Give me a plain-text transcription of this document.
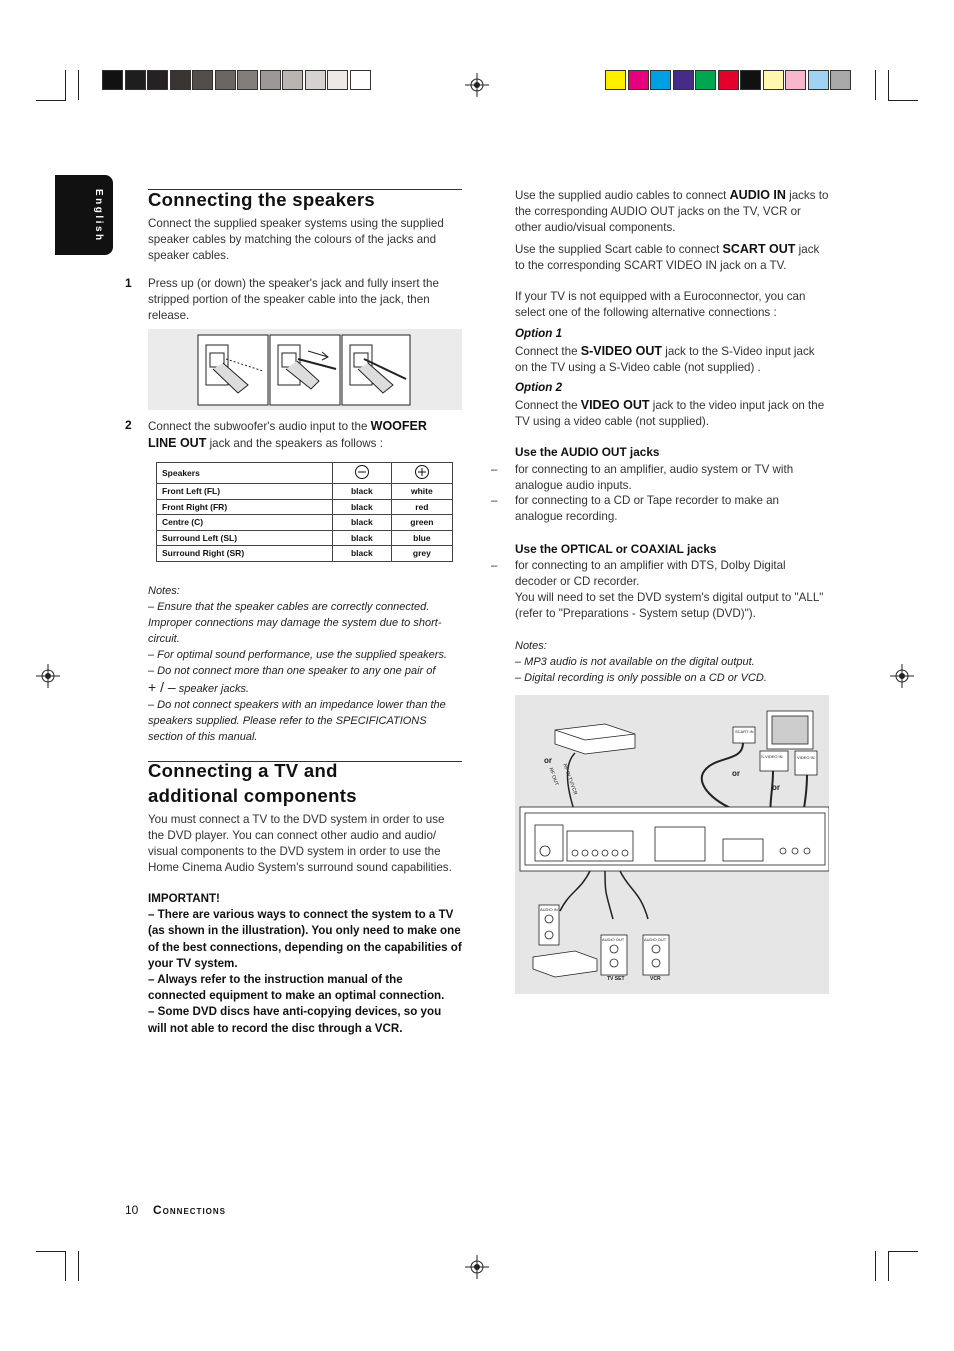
English Connecting the speakers

Connect the supplied speaker systems using the supplied speaker cables by matching the colours of the jacks and speaker cables.

1 Press up (or down) the speaker's jack and fully insert the stripped portion of the speaker cable into the jack, then release.

2 Connect the subwoofer's audio input to the WOOFER LINE OUT jack and the speakers as follows :

Speakers		
Front Left (FL)	black	white
Front Right (FR)	black	red
Centre (C)	black	green
Surround Left (SL)	black	blue
Surround Right (SR)	black	grey
Notes:
– Ensure that the speaker cables are correctly connected. Improper connections may damage the system due to short-circuit.
– For optimal sound performance, use the supplied speakers.
– Do not connect more than one speaker to any one pair of
+ / – speaker jacks.
– Do not connect speakers with an impedance lower than the speakers supplied. Please refer to the SPECIFICATIONS section of this manual.
Connecting a TV and
additional components

You must connect a TV to the DVD system in order to use the DVD player. You can connect other audio and audio/ visual components to the DVD system in order to use the Home Cinema Audio System's surround sound capabilities.

IMPORTANT!
– There are various ways to connect the system to a TV (as shown in the illustration). You only need to make one of the best connections, depending on the capabilities of your TV system.
– Always refer to the instruction manual of the connected equipment to make an optimal connection.
– Some DVD discs have anti-copying devices, so you will not able to record the disc through a VCR.

Use the supplied audio cables to connect AUDIO IN jacks to the corresponding AUDIO OUT jacks on the TV, VCR or other audio/visual components.

Use the supplied Scart cable to connect SCART OUT jack to the corresponding SCART VIDEO IN jack on a TV.

If your TV is not equipped with a Euroconnector, you can select one of the following alternative connections :

Option 1

Connect the S-VIDEO OUT jack to the S-Video input jack on the TV using a S-Video cable (not supplied) .

Option 2

Connect the VIDEO OUT jack to the video input jack on the TV using a video cable (not supplied).

Use the AUDIO OUT jacks
– for connecting to an amplifier, audio system or TV with analogue audio inputs.

– for connecting to a CD or Tape recorder to make an analogue recording.

Use the OPTICAL or COAXIAL jacks
– for connecting to an amplifier with DTS, Dolby Digital decoder or CD recorder.

You will need to set the DVD system's digital output to "ALL" (refer to "Preparations - System setup (DVD)").

Notes:
– MP3 audio is not available on the digital output.
– Digital recording is only possible on a CD or VCD.
SCART IN
S-VIDEO IN	VIDEO IN
or
or
or
RF OUT RF IN TV/VCR
AUDIO IN
AUDIO OUT	AUDIO OUT
TV SET	VCR
10 Connections
